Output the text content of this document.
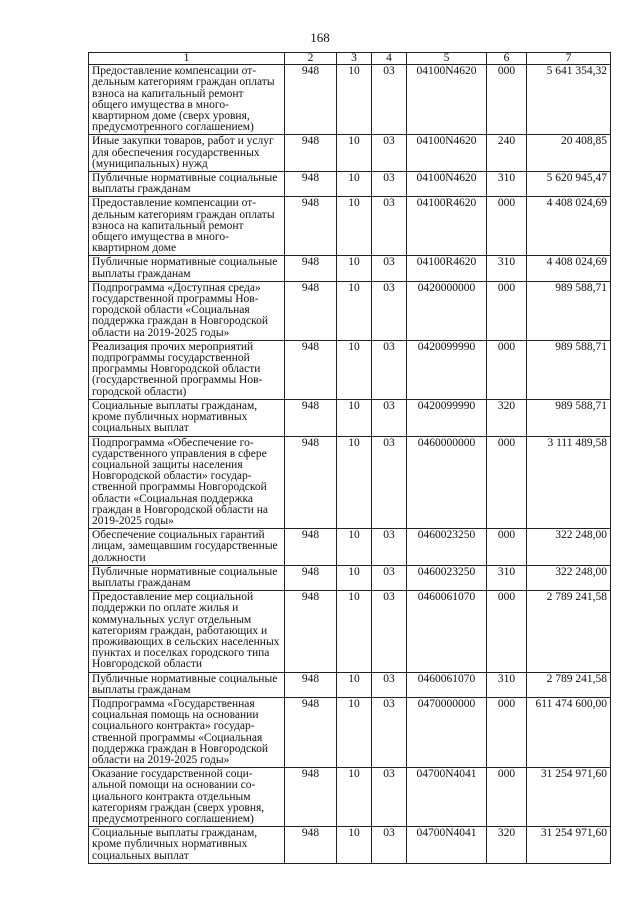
168
1	2	3	4	5	6	7
Предоставление компенсации отдельным категориям граждан оплаты взноса на капитальный ремонт общего имущества в многоквартирном доме (сверх уровня, предусмотренного соглашением)	948	10	03	04100N4620	000	5 641 354,32
Иные закупки товаров, работ и услуг для обеспечения государственных (муниципальных) нужд	948	10	03	04100N4620	240	20 408,85
Публичные нормативные социальные выплаты гражданам	948	10	03	04100N4620	310	5 620 945,47
Предоставление компенсации отдельным категориям граждан оплаты взноса на капитальный ремонт общего имущества в многоквартирном доме	948	10	03	04100R4620	000	4 408 024,69
Публичные нормативные социальные выплаты гражданам	948	10	03	04100R4620	310	4 408 024,69
Подпрограмма «Доступная среда» государственной программы Новгородской области «Социальная поддержка граждан в Новгородской области на 2019-2025 годы»	948	10	03	0420000000	000	989 588,71
Реализация прочих мероприятий подпрограммы государственной программы Новгородской области (государственной программы Новгородской области)	948	10	03	0420099990	000	989 588,71
Социальные выплаты гражданам, кроме публичных нормативных социальных выплат	948	10	03	0420099990	320	989 588,71
Подпрограмма «Обеспечение государственного управления в сфере социальной защиты населения Новгородской области» государственной программы Новгородской области «Социальная поддержка граждан в Новгородской области на 2019-2025 годы»	948	10	03	0460000000	000	3 111 489,58
Обеспечение социальных гарантий лицам, замещавшим государственные должности	948	10	03	0460023250	000	322 248,00
Публичные нормативные социальные выплаты гражданам	948	10	03	0460023250	310	322 248,00
Предоставление мер социальной поддержки по оплате жилья и коммунальных услуг отдельным категориям граждан, работающих и проживающих в сельских населенных пунктах и поселках городского типа Новгородской области	948	10	03	0460061070	000	2 789 241,58
Публичные нормативные социальные выплаты гражданам	948	10	03	0460061070	310	2 789 241,58
Подпрограмма «Государственная социальная помощь на основании социального контракта» государственной программы «Социальная поддержка граждан в Новгородской области на 2019-2025 годы»	948	10	03	0470000000	000	611 474 600,00
Оказание государственной социальной помощи на основании социального контракта отдельным категориям граждан (сверх уровня, предусмотренного соглашением)	948	10	03	04700N4041	000	31 254 971,60
Социальные выплаты гражданам, кроме публичных нормативных социальных выплат	948	10	03	04700N4041	320	31 254 971,60
